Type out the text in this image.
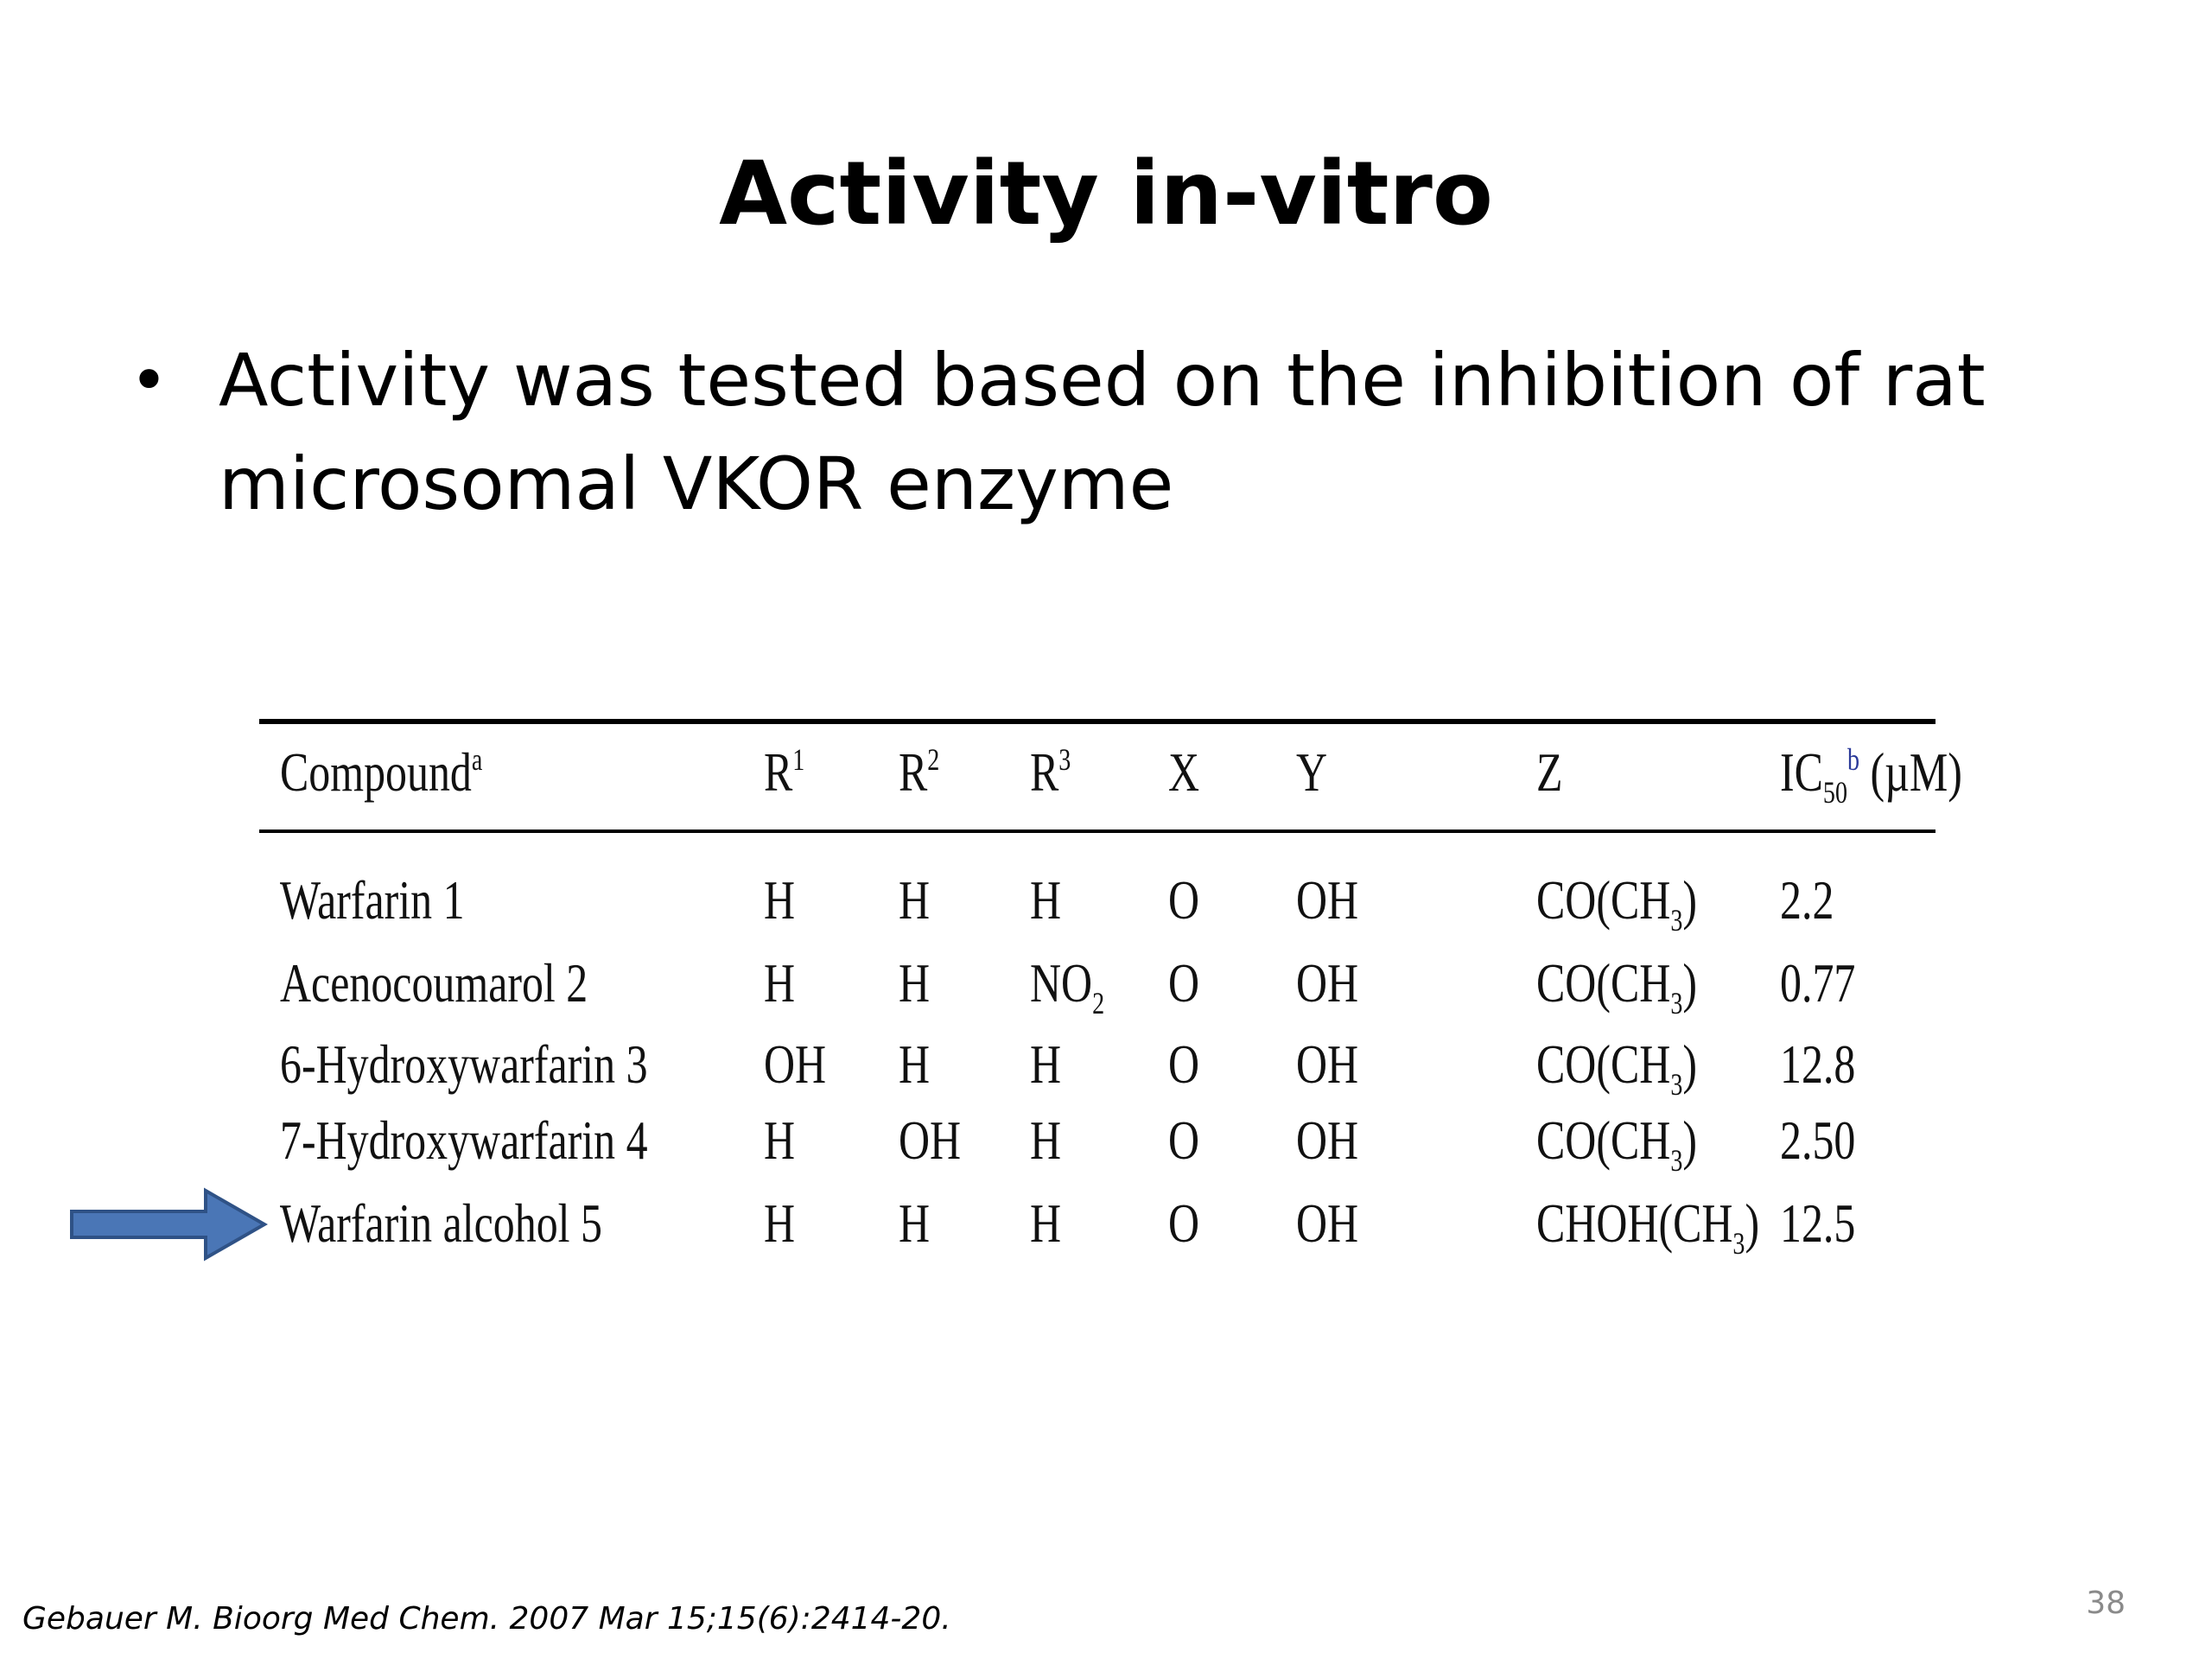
Activity in-vitro
• Activity was tested based on the inhibition of rat microsomal VKOR enzyme
Compound$^a$	$R^1$ $R^2$ $R^3$ X Y	Z	$IC_{50}^b$ (µM)
Warfarin 1	H H H O OH	$CO(CH_3)$ 2.2
Acenocoumarol 2	H H $NO_2$ O OH	$CO(CH_3)$ 0.77
6-Hydroxywarfarin 3 OH H H O OH	$CO(CH_3)$ 12.8
7-Hydroxywarfarin 4 H OH H O OH	$CO(CH_3)$ 2.50
Warfarin alcohol 5	H H H O OH	$CHOH(CH_3)$ 12.5
Gebauer M. Bioorg Med Chem. 2007 Mar 15;15(6):2414-20.	38
